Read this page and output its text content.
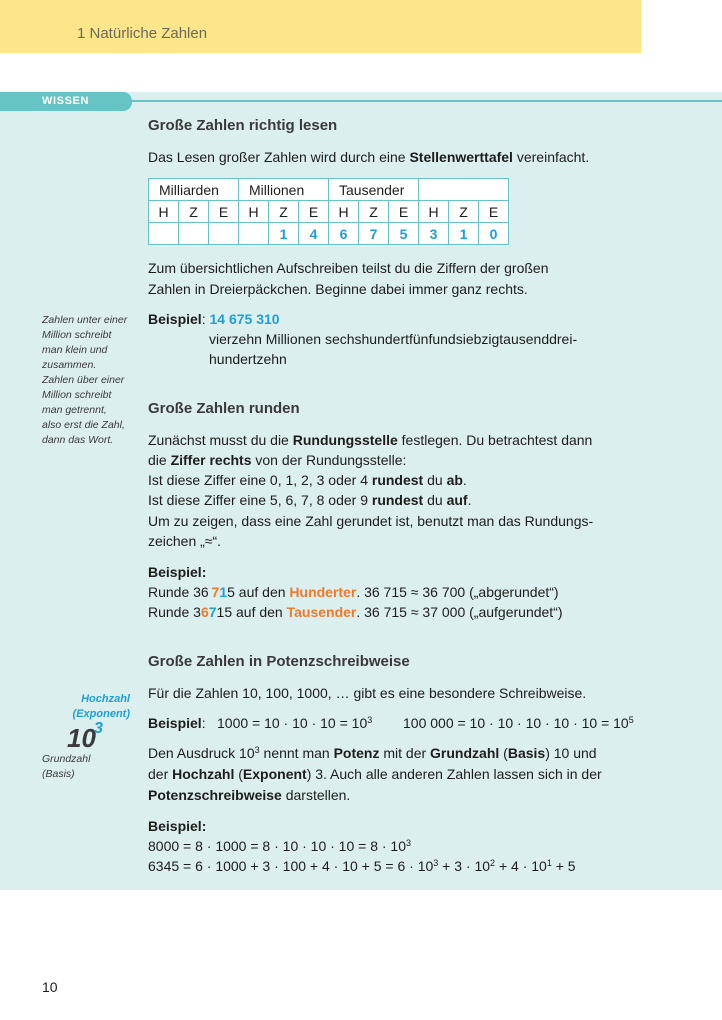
1 Natürliche Zahlen
WISSEN
Große Zahlen richtig lesen
Das Lesen großer Zahlen wird durch eine Stellenwerttafel vereinfacht.
Milliarden			Millionen			Tausender					
H	Z	E	H	Z	E	H	Z	E	H	Z	E
				1	4	6	7	5	3	1	0
Zum übersichtlichen Aufschreiben teilst du die Ziffern der großen
Zahlen in Dreierpäckchen. Beginne dabei immer ganz rechts.
Beispiel: 14 675 310
vierzehn Millionen sechshundertfünfundsiebzigtausenddrei-
hundertzehn
Zahlen unter einer
Million schreibt
man klein und
zusammen.
Zahlen über einer
Million schreibt
man getrennt,
also erst die Zahl,
dann das Wort.
Große Zahlen runden
Zunächst musst du die Rundungsstelle festlegen. Du betrachtest dann
die Ziffer rechts von der Rundungsstelle:
Ist diese Ziffer eine 0, 1, 2, 3 oder 4 rundest du ab.
Ist diese Ziffer eine 5, 6, 7, 8 oder 9 rundest du auf.
Um zu zeigen, dass eine Zahl gerundet ist, benutzt man das Rundungs-
zeichen „≈“.
Beispiel:
Runde 36 715 auf den Hunderter. 36 715 ≈ 36 700 („abgerundet“)
Runde 36715 auf den Tausender. 36 715 ≈ 37 000 („aufgerundet“)
Große Zahlen in Potenzschreibweise
Für die Zahlen 10, 100, 1000, … gibt es eine besondere Schreibweise.
Beispiel: $1000 = 10 \cdot 10 \cdot 10 = 10^3$ 100 $000 = 10 \cdot 10 \cdot 10 \cdot 10 \cdot 10 = 10^5$
Den Ausdruck $10^3$ nennt man Potenz mit der Grundzahl (Basis) 10 und
der Hochzahl (Exponent) 3. Auch alle anderen Zahlen lassen sich in der
Potenzschreibweise darstellen.
Beispiel:
$8000 = 8 \cdot 1000 = 8 \cdot 10 \cdot 10 \cdot 10 = 8 \cdot 10^3$
$6345 = 6 \cdot 1000 + 3 \cdot 100 + 4 \cdot 10 + 5 = 6 \cdot 10^3 + 3 \cdot 10^2 + 4 \cdot 10^1 + 5$
Hochzahl
(Exponent)
10
3
Grundzahl
(Basis)
10
